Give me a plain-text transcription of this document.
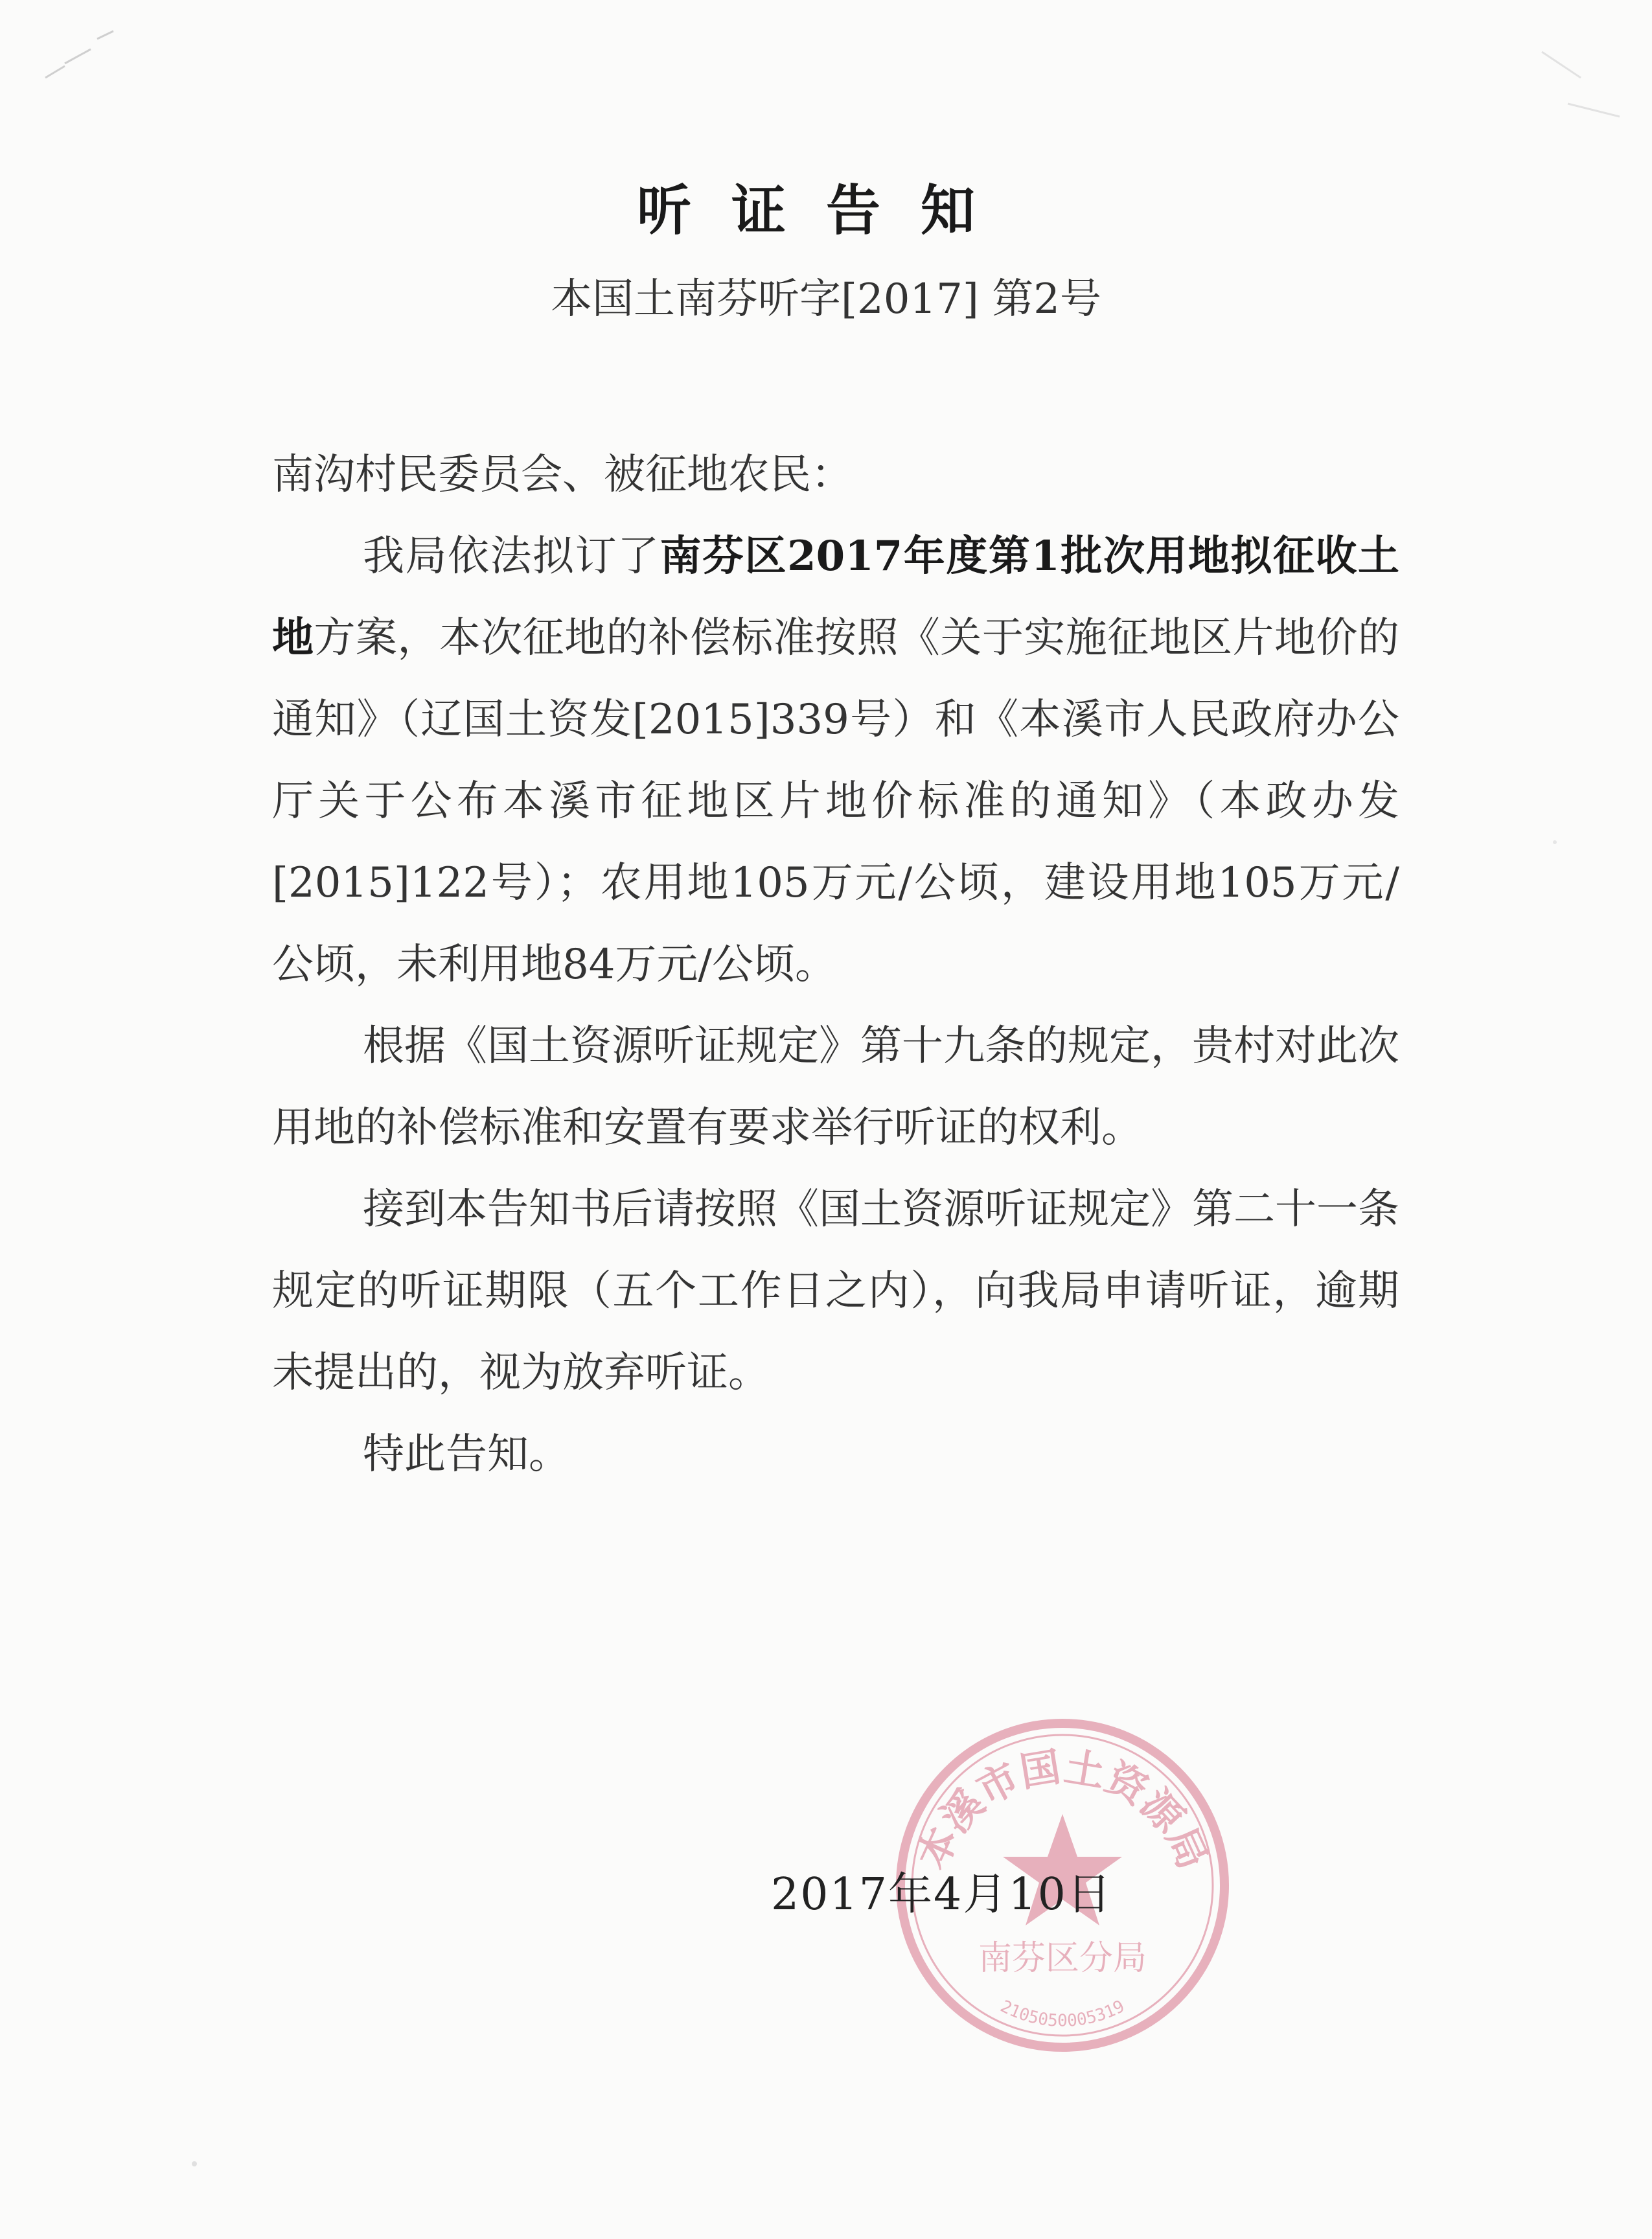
听证告知
本国土南芬听字[2017] 第2号
南沟村民委员会、被征地农民：
我局依法拟订了南芬区2017年度第1批次用地拟征收土地方案，本次征地的补偿标准按照《关于实施征地区片地价的通知》（辽国土资发[2015]339号）和《本溪市人民政府办公厅关于公布本溪市征地区片地价标准的通知》（本政办发[2015]122号）；农用地105万元/公顷，建设用地105万元/公顷，未利用地84万元/公顷。
根据《国土资源听证规定》第十九条的规定，贵村对此次用地的补偿标准和安置有要求举行听证的权利。
接到本告知书后请按照《国土资源听证规定》第二十一条规定的听证期限（五个工作日之内），向我局申请听证，逾期未提出的，视为放弃听证。
特此告知。
本溪市国土资源局
南芬区分局
2105050005319
2017年4月10日
